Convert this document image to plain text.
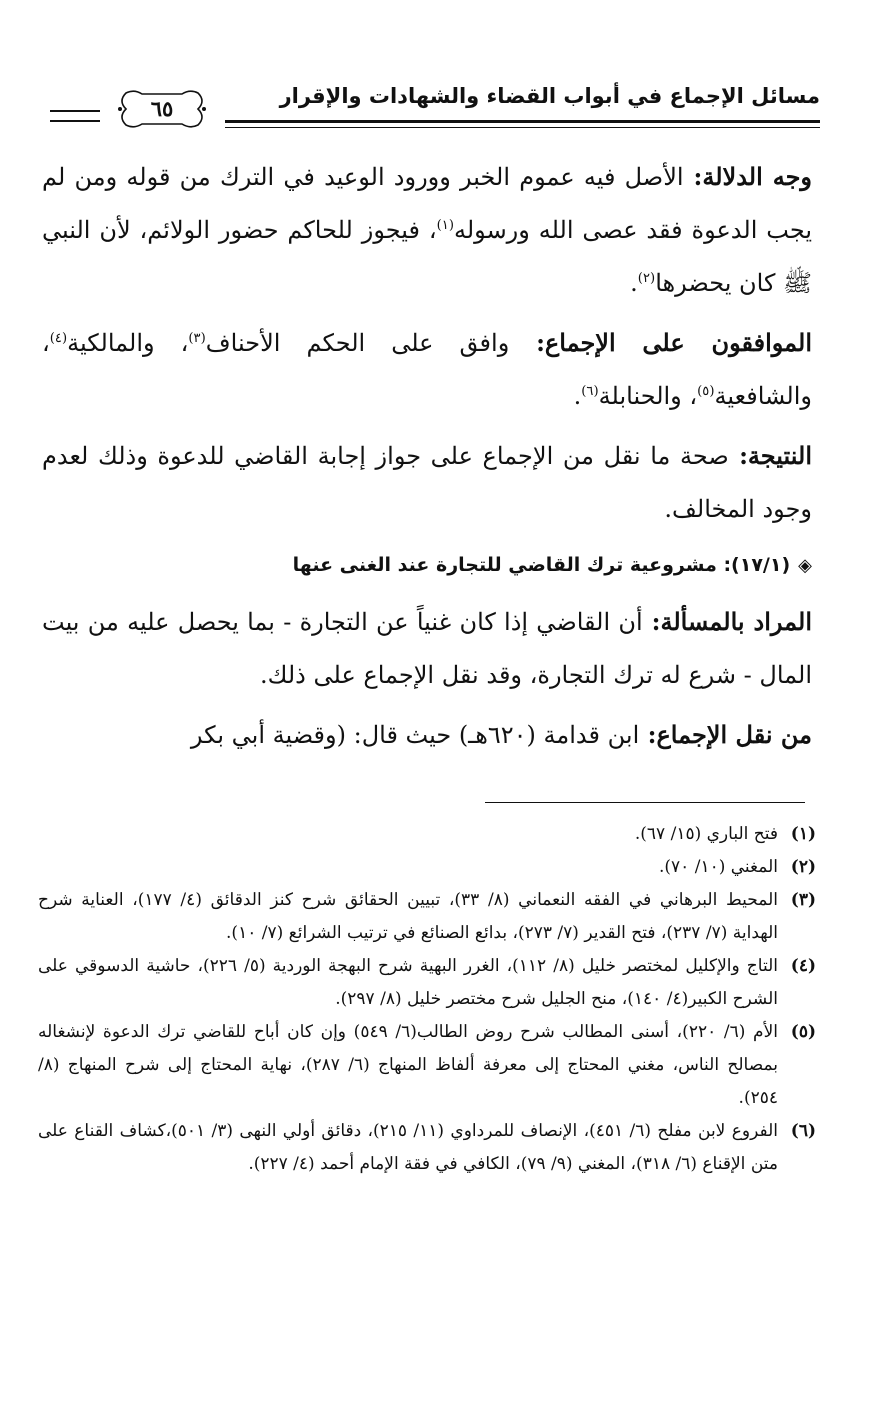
٦٥	مسائل الإجماع في أبواب القضاء والشهادات والإقرار

وجه الدلالة: الأصل فيه عموم الخبر وورود الوعيد في الترك من قوله ومن لم يجب الدعوة فقد عصى الله ورسوله$^{(١)}$، فيجوز للحاكم حضور الولائم، لأن النبي ﷺ كان يحضرها$^{(٢)}$.

الموافقون على الإجماع: وافق على الحكم الأحناف$^{(٣)}$، والمالكية$^{(٤)}$، والشافعية$^{(٥)}$، والحنابلة$^{(٦)}$.

النتيجة: صحة ما نقل من الإجماع على جواز إجابة القاضي للدعوة وذلك لعدم وجود المخالف.

◈(١٧/١): مشروعية ترك القاضي للتجارة عند الغنى عنها

المراد بالمسألة: أن القاضي إذا كان غنياً عن التجارة - بما يحصل عليه من بيت المال - شرع له ترك التجارة، وقد نقل الإجماع على ذلك.

من نقل الإجماع: ابن قدامة (٦٢٠هـ) حيث قال: (وقضية أبي بكر

(١)
فتح الباري (١٥/ ٦٧).

(٢)
المغني (١٠/ ٧٠).

(٣)
المحيط البرهاني في الفقه النعماني (٨/ ٣٣)، تبيين الحقائق شرح كنز الدقائق (٤/ ١٧٧)، العناية شرح الهداية (٧/ ٢٣٧)، فتح القدير (٧/ ٢٧٣)، بدائع الصنائع في ترتيب الشرائع (٧/ ١٠).

(٤)
التاج والإكليل لمختصر خليل (٨/ ١١٢)، الغرر البهية شرح البهجة الوردية (٥/ ٢٢٦)، حاشية الدسوقي على الشرح الكبير(٤/ ١٤٠)، منح الجليل شرح مختصر خليل (٨/ ٢٩٧).

(٥)
الأم (٦/ ٢٢٠)، أسنى المطالب شرح روض الطالب(٦/ ٥٤٩) وإن كان أباح للقاضي ترك الدعوة لإنشغاله بمصالح الناس، مغني المحتاج إلى معرفة ألفاظ المنهاج (٦/ ٢٨٧)، نهاية المحتاج إلى شرح المنهاج (٨/ ٢٥٤).

(٦)
الفروع لابن مفلح (٦/ ٤٥١)، الإنصاف للمرداوي (١١/ ٢١٥)، دقائق أولي النهى (٣/ ٥٠١)،كشاف القناع على متن الإقناع (٦/ ٣١٨)، المغني (٩/ ٧٩)، الكافي في فقة الإمام أحمد (٤/ ٢٢٧).
